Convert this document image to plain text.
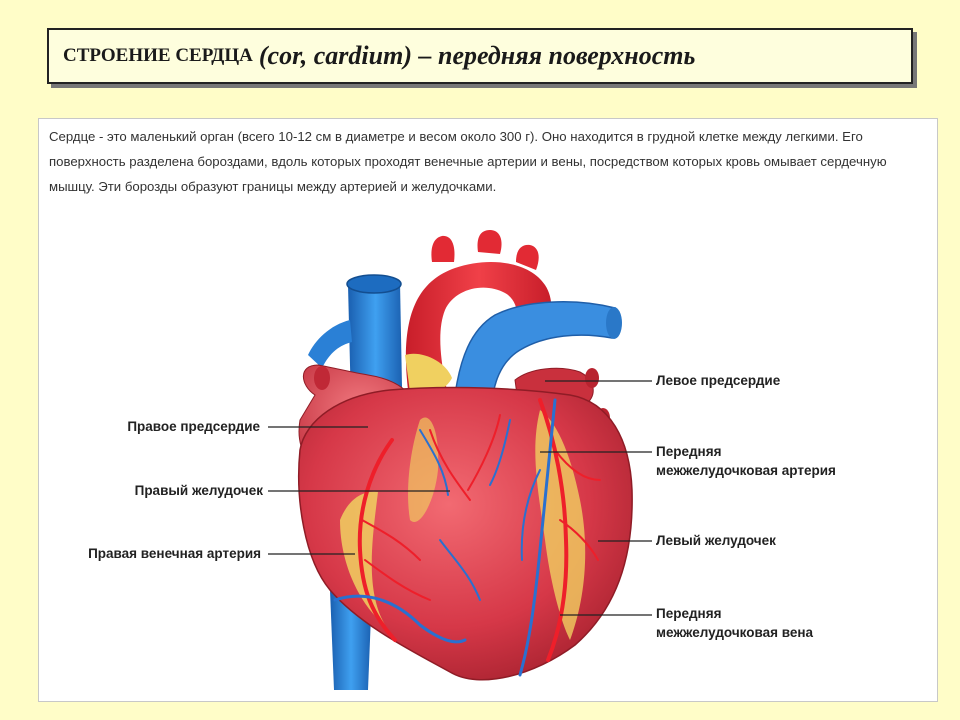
СТРОЕНИЕ СЕРДЦА (cor, cardium) – передняя поверхность

Сердце - это маленький орган (всего 10-12 см в диаметре и весом около 300 г). Оно находится в грудной клетке между легкими. Его поверхность разделена бороздами, вдоль которых проходят венечные артерии и вены, посредством которых кровь омывает сердечную мышцу. Эти борозды образуют границы между артерией и желудочками.

Правое предсердие
Правый желудочек
Правая венечная артерия
Левое предсердие
Передняя
межжелудочковая артерия
Левый желудочек
Передняя
межжелудочковая вена
